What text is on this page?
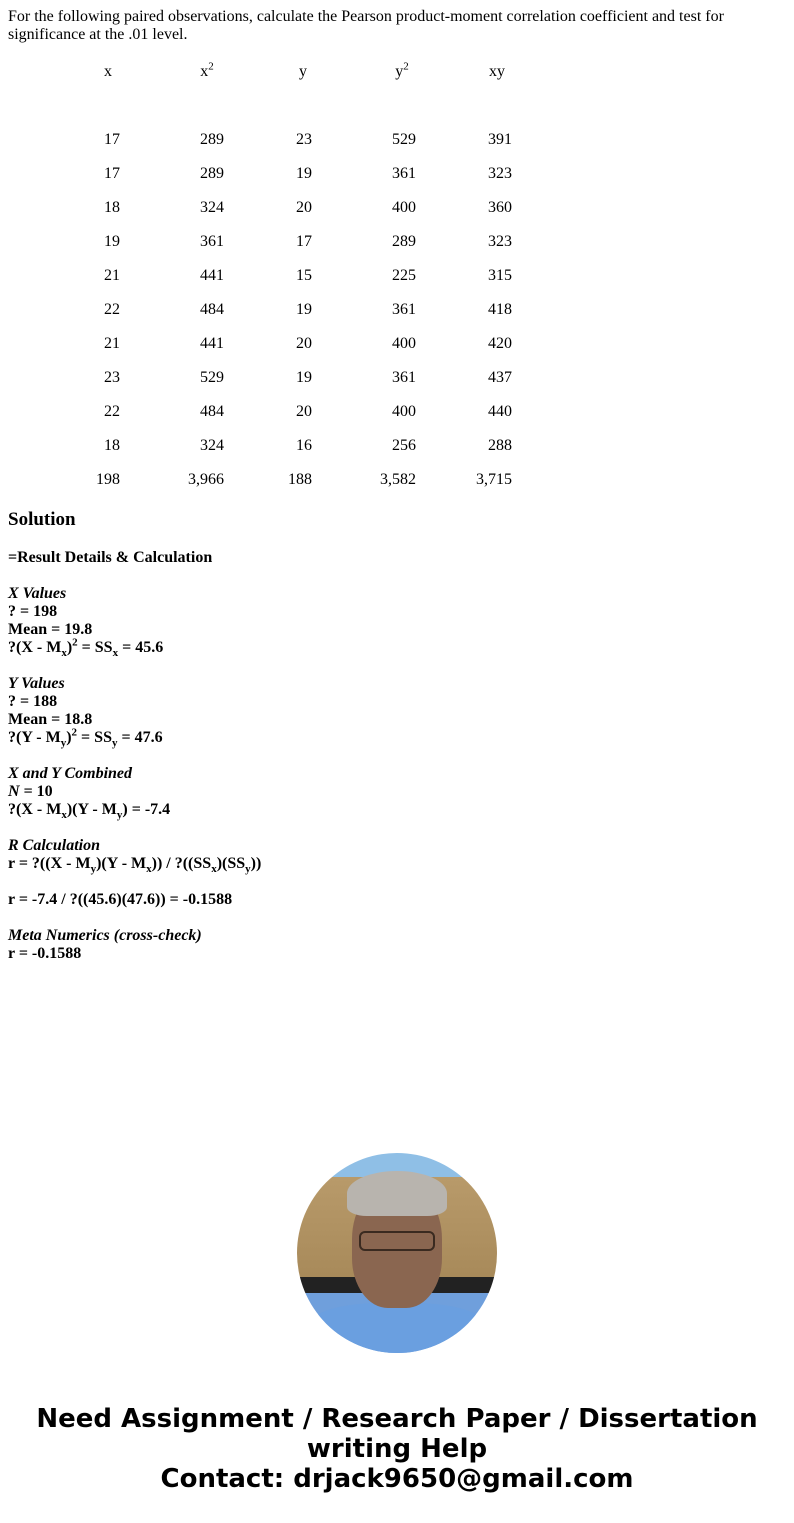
For the following paired observations, calculate the Pearson product-moment correlation coefficient and test for significance at the .01 level.
x	$x^2$	y	$y^2$	xy
17	289	23	529	391
17	289	19	361	323
18	324	20	400	360
19	361	17	289	323
21	441	15	225	315
22	484	19	361	418
21	441	20	400	420
23	529	19	361	437
22	484	20	400	440
18	324	16	256	288
198	3,966	188	3,582	3,715
Solution
=Result Details & Calculation
X Values
? = 198
Mean = 19.8
?(X - $M_x)^2 = SS_x = 45.6$
Y Values
? = 188
Mean = 18.8
?(Y - $M_y)^2 = SS_y = 47.6$
X and Y Combined
N = 10
?(X - $M_x)(Y - M_y) = -7.4$
R Calculation
r = ?((X - $M_y)(Y - M_x)$) / $?((SS_x)(SS_y))$
r = -7.4 / ?((45.6)(47.6)) = -0.1588
Meta Numerics (cross-check)
r = -0.1588
Need Assignment / Research Paper / Dissertation
writing Help
Contact: drjack9650@gmail.com
